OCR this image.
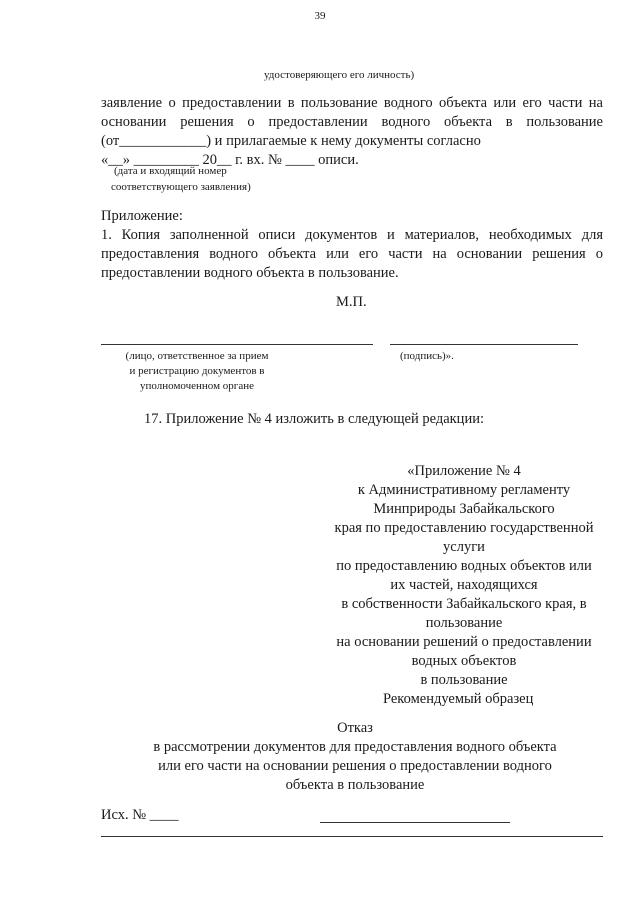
39
удостоверяющего его личность)
заявление о предоставлении в пользование водного объекта или его части на
основании решения о предоставлении водного объекта в пользование
(от____________) и прилагаемые к нему документы согласно
«__» _________ 20__ г. вх. № ____ описи.
(дата и входящий номер
соответствующего заявления)
Приложение:
1. Копия заполненной описи документов и материалов, необходимых для
предоставления водного объекта или его части на основании решения о
предоставлении водного объекта в пользование.
М.П.
(лицо, ответственное за прием
и регистрацию документов в
уполномоченном органе
(подпись)».
17. Приложение № 4 изложить в следующей редакции:
«Приложение № 4
к Административному регламенту
Минприроды Забайкальского
края по предоставлению государственной
услуги
по предоставлению водных объектов или
их частей, находящихся
в собственности Забайкальского края, в
пользование
на основании решений о предоставлении
водных объектов
в пользование
Рекомендуемый образец
Отказ
в рассмотрении документов для предоставления водного объекта
или его части на основании решения о предоставлении водного
объекта в пользование
Исх. № ____
